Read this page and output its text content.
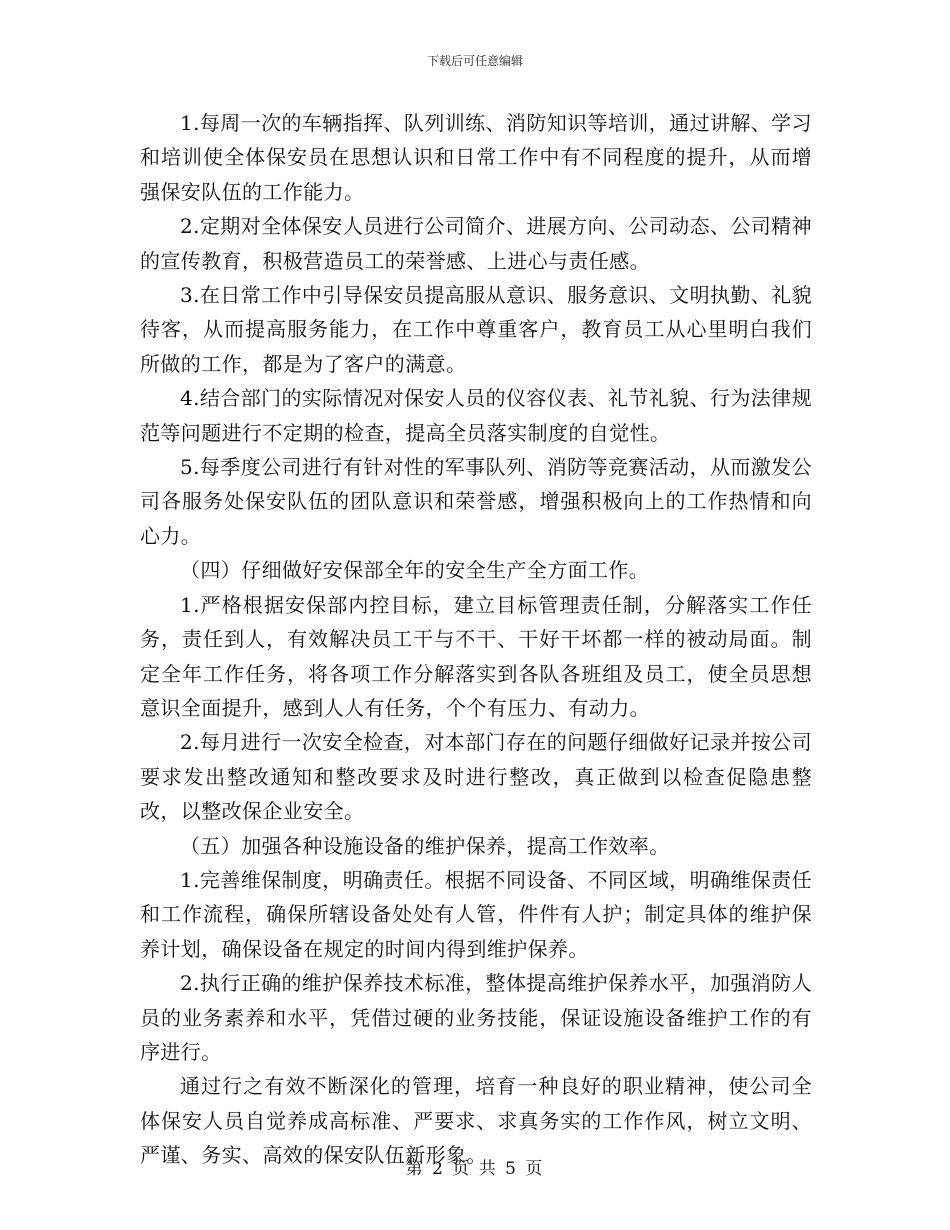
下载后可任意编辑

1.每周一次的车辆指挥、队列训练、消防知识等培训，通过讲解、学习和培训使全体保安员在思想认识和日常工作中有不同程度的提升，从而增强保安队伍的工作能力。

2.定期对全体保安人员进行公司简介、进展方向、公司动态、公司精神的宣传教育，积极营造员工的荣誉感、上进心与责任感。

3.在日常工作中引导保安员提高服从意识、服务意识、文明执勤、礼貌待客，从而提高服务能力，在工作中尊重客户，教育员工从心里明白我们所做的工作，都是为了客户的满意。

4.结合部门的实际情况对保安人员的仪容仪表、礼节礼貌、行为法律规范等问题进行不定期的检查，提高全员落实制度的自觉性。

5.每季度公司进行有针对性的军事队列、消防等竞赛活动，从而激发公司各服务处保安队伍的团队意识和荣誉感，增强积极向上的工作热情和向心力。

（四）仔细做好安保部全年的安全生产全方面工作。

1.严格根据安保部内控目标，建立目标管理责任制，分解落实工作任务，责任到人，有效解决员工干与不干、干好干坏都一样的被动局面。制定全年工作任务，将各项工作分解落实到各队各班组及员工，使全员思想意识全面提升，感到人人有任务，个个有压力、有动力。

2.每月进行一次安全检查，对本部门存在的问题仔细做好记录并按公司要求发出整改通知和整改要求及时进行整改，真正做到以检查促隐患整改，以整改保企业安全。

（五）加强各种设施设备的维护保养，提高工作效率。

1.完善维保制度，明确责任。根据不同设备、不同区域，明确维保责任和工作流程，确保所辖设备处处有人管，件件有人护；制定具体的维护保养计划，确保设备在规定的时间内得到维护保养。

2.执行正确的维护保养技术标准，整体提高维护保养水平，加强消防人员的业务素养和水平，凭借过硬的业务技能，保证设施设备维护工作的有序进行。

通过行之有效不断深化的管理，培育一种良好的职业精神，使公司全体保安人员自觉养成高标准、严要求、求真务实的工作作风，树立文明、严谨、务实、高效的保安队伍新形象。

第 2 页 共 5 页
